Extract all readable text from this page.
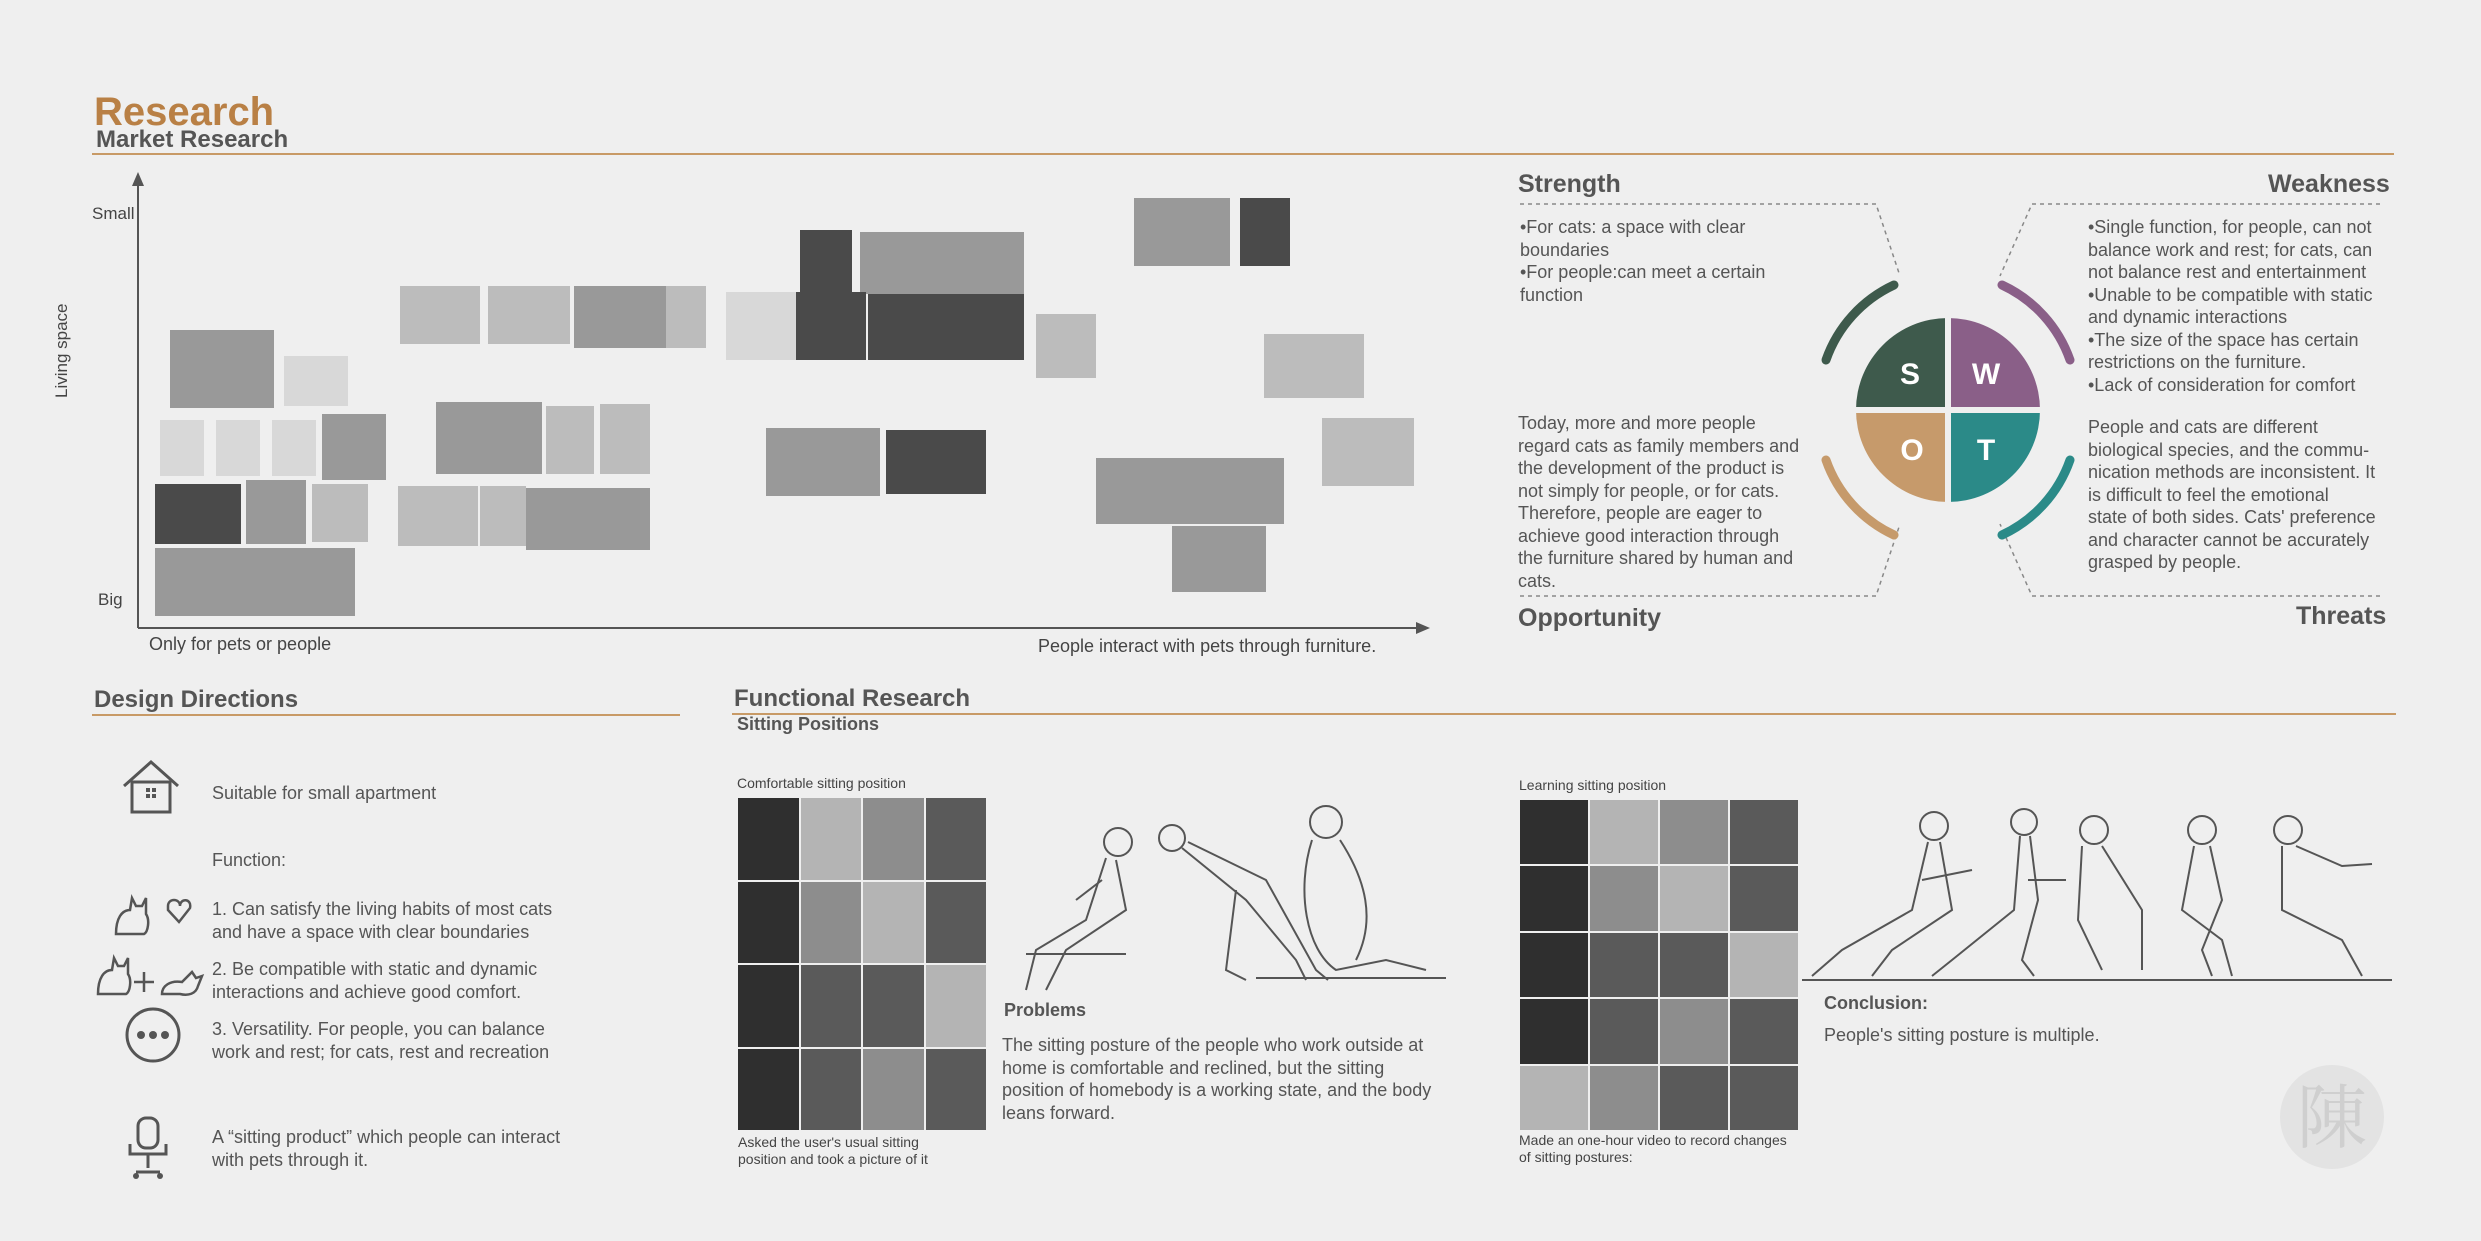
Research
Market Research
Small
Big
Living space
Only for pets or people	People interact with pets through furniture.
Strength	Weakness
Opportunity	Threats
•For cats: a space with clear
boundaries
•For people:can meet a certain
function
•Single function, for people, can not
balance work and rest; for cats, can
not balance rest and entertainment
•Unable to be compatible with static
and dynamic interactions
•The size of the space has certain
restrictions on the furniture.
•Lack of consideration for comfort
Today, more and more people
regard cats as family members and
the development of the product is
not simply for people, or for cats.
Therefore, people are eager to
achieve good interaction through
the furniture shared by human and
cats.
People and cats are different
biological species, and the commu-
nication methods are inconsistent. It
is difficult to feel the emotional
state of both sides. Cats' preference
and character cannot be accurately
grasped by people.
S W
O T
Design Directions
Suitable for small apartment
Function:
1. Can satisfy the living habits of most cats
and have a space with clear boundaries
2. Be compatible with static and dynamic
interactions and achieve good comfort.
3. Versatility. For people, you can balance
work and rest; for cats, rest and recreation
A “sitting product” which people can interact
with pets through it.
Functional Research
Sitting Positions
Comfortable sitting position
Asked the user's usual sitting
position and took a picture of it
Problems
The sitting posture of the people who work outside at
home is comfortable and reclined, but the sitting
position of homebody is a working state, and the body
leans forward.
Learning sitting position
Made an one-hour video to record changes
of sitting postures:
Conclusion:
People's sitting posture is multiple.
陳
